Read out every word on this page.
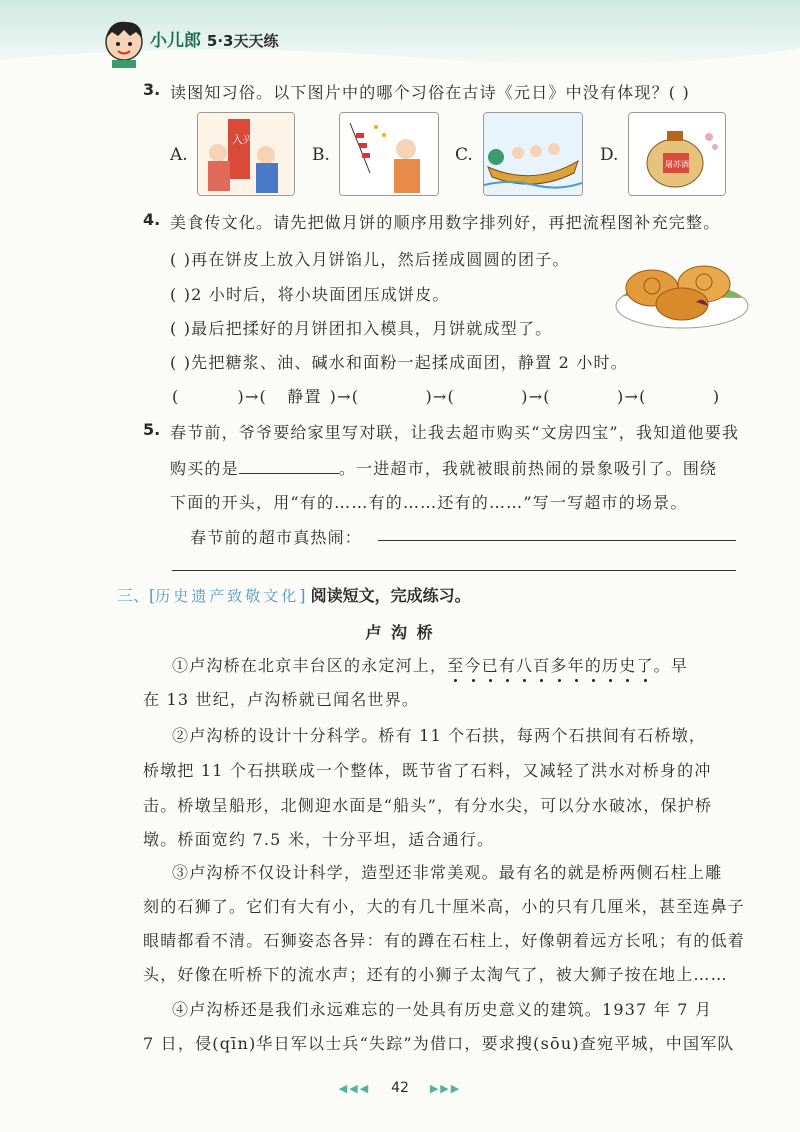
小儿郎 5·3天天练
3. 读图知习俗。以下图片中的哪个习俗在古诗《元日》中没有体现？( )
A.
入兴
B.	C.	D.	屠苏酒
4. 美食传文化。请先把做月饼的顺序用数字排列好，再把流程图补充完整。
( )再在饼皮上放入月饼馅儿，然后搓成圆圆的团子。
( )2 小时后，将小块面团压成饼皮。
( )最后把揉好的月饼团扣入模具，月饼就成型了。
( )先把糖浆、油、碱水和面粉一起揉成面团，静置 2 小时。
(	)→( 静置 )→(	)→(	)→(	)→(	)
5. 春节前，爷爷要给家里写对联，让我去超市购买“文房四宝”，我知道他要我
购买的是	。一进超市，我就被眼前热闹的景象吸引了。围绕
下面的开头，用“有的……有的……还有的……”写一写超市的场景。
春节前的超市真热闹：
三、[历史遗产致敬文化] 阅读短文，完成练习。
卢 沟 桥
①卢沟桥在北京丰台区的永定河上，至今已有八百多年的历史了。早
在 13 世纪，卢沟桥就已闻名世界。
②卢沟桥的设计十分科学。桥有 11 个石拱，每两个石拱间有石桥墩，
桥墩把 11 个石拱联成一个整体，既节省了石料，又减轻了洪水对桥身的冲
击。桥墩呈船形，北侧迎水面是“船头”，有分水尖，可以分水破冰，保护桥
墩。桥面宽约 7.5 米，十分平坦，适合通行。
③卢沟桥不仅设计科学，造型还非常美观。最有名的就是桥两侧石柱上雕
刻的石狮了。它们有大有小，大的有几十厘米高，小的只有几厘米，甚至连鼻子
眼睛都看不清。石狮姿态各异：有的蹲在石柱上，好像朝着远方长吼；有的低着
头，好像在听桥下的流水声；还有的小狮子太淘气了，被大狮子按在地上……
④卢沟桥还是我们永远难忘的一处具有历史意义的建筑。1937 年 7 月
7 日，侵(qīn)华日军以士兵“失踪”为借口，要求搜(sōu)查宛平城，中国军队
◀◀◀ 42 ▶▶▶
